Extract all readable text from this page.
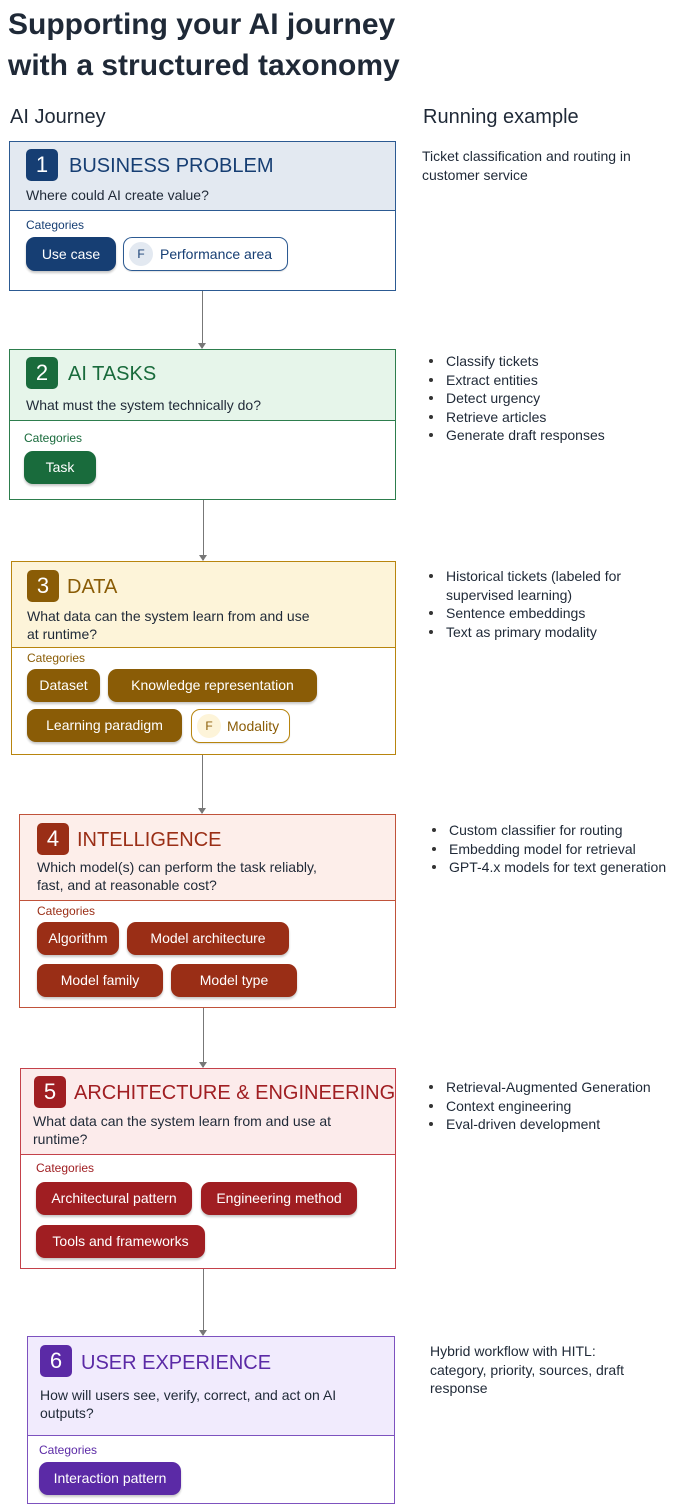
Supporting your AI journey
with a structured taxonomy
AI Journey	Running example
1	BUSINESS PROBLEM
Where could AI create value?
Categories
Use case	F	Performance area
Ticket classification and routing in customer service
2 AI TASKS
What must the system technically do?
Categories
Task
Classify tickets
Extract entities
Detect urgency
Retrieve articles
Generate draft responses
3 DATA
What data can the system learn from and use at runtime?
Categories
Dataset	Knowledge representation
Learning paradigm	F	Modality
Historical tickets (labeled for supervised learning)
Sentence embeddings
Text as primary modality
4 INTELLIGENCE
Which model(s) can perform the task reliably, fast, and at reasonable cost?
Categories
Algorithm	Model architecture
Model family	Model type
Custom classifier for routing
Embedding model for retrieval
GPT-4.x models for text generation
5 ARCHITECTURE & ENGINEERING
What data can the system learn from and use at runtime?
Categories
Architectural pattern	Engineering method
Tools and frameworks
Retrieval-Augmented Generation
Context engineering
Eval-driven development
6 USER EXPERIENCE
How will users see, verify, correct, and act on AI outputs?
Categories
Interaction pattern
Hybrid workflow with HITL: category, priority, sources, draft response
